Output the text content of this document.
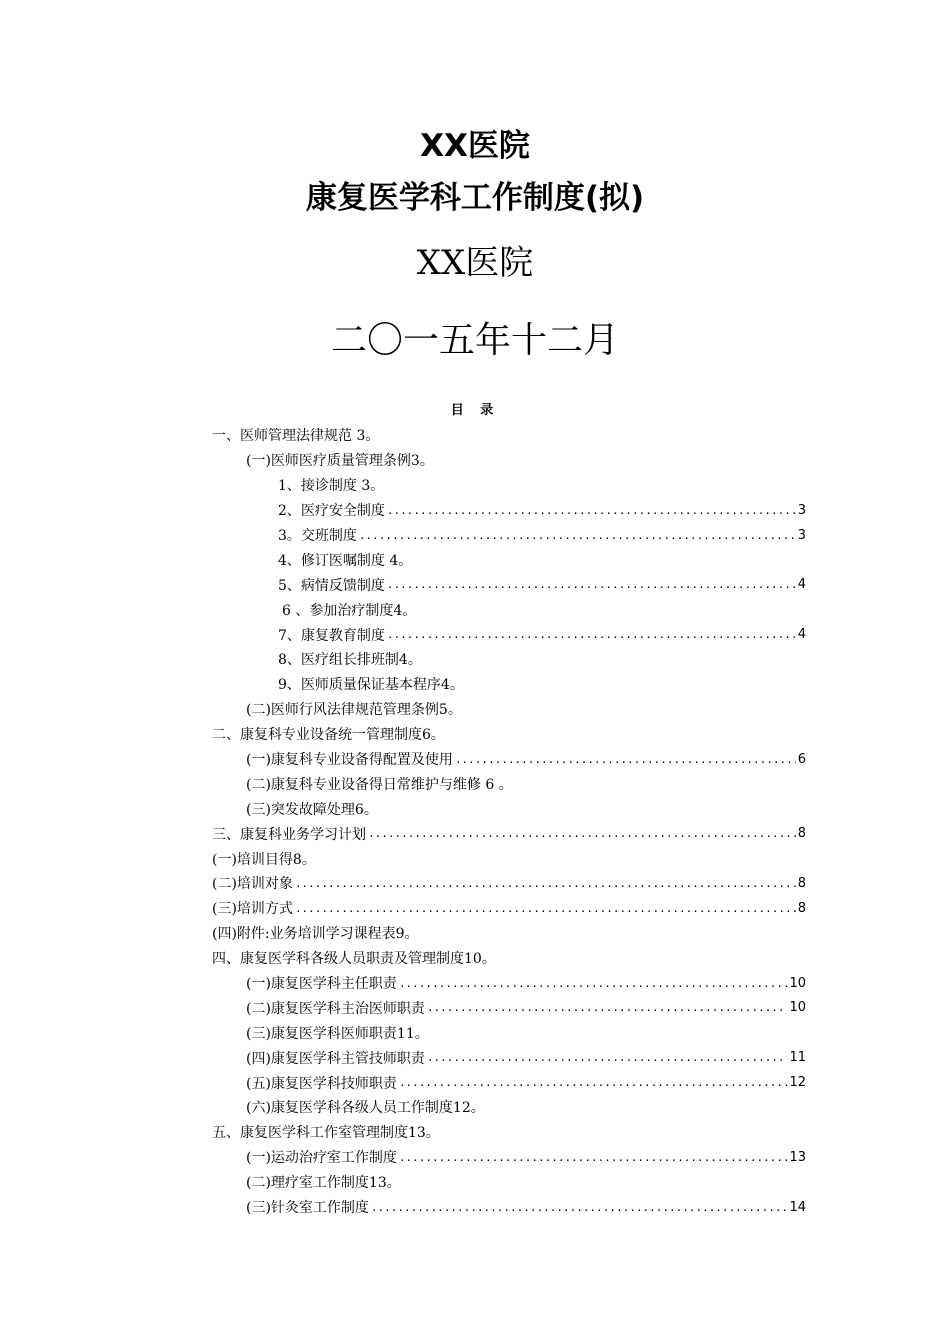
XX医院
康复医学科工作制度(拟)
XX医院
二〇一五年十二月
目 录
一、医师管理法律规范 3。
(一)医师医疗质量管理条例3。
1、接诊制度 3。
2、医疗安全制度 .....	3
3。交班制度 .....	3
4、修订医嘱制度 4。
5、病情反馈制度 .....	4
6 、参加治疗制度4。
7、康复教育制度 .....	4
8、医疗组长排班制4。
9、医师质量保证基本程序4。
(二)医师行风法律规范管理条例5。
二、康复科专业设备统一管理制度6。
(一)康复科专业设备得配置及使用 .....	6
(二)康复科专业设备得日常维护与维修 6 。
(三)突发故障处理6。
三、康复科业务学习计划 .....	8
(一)培训目得8。
(二)培训对象 .....	8
(三)培训方式 .....	8
(四)附件:业务培训学习课程表9。
四、康复医学科各级人员职责及管理制度10。
(一)康复医学科主任职责 .....	10
(二)康复医学科主治医师职责 .....	10
(三)康复医学科医师职责11。
(四)康复医学科主管技师职责 .....	11
(五)康复医学科技师职责 .....	12
(六)康复医学科各级人员工作制度12。
五、康复医学科工作室管理制度13。
(一)运动治疗室工作制度 .....	13
(二)理疗室工作制度13。
(三)针灸室工作制度 .....	14
